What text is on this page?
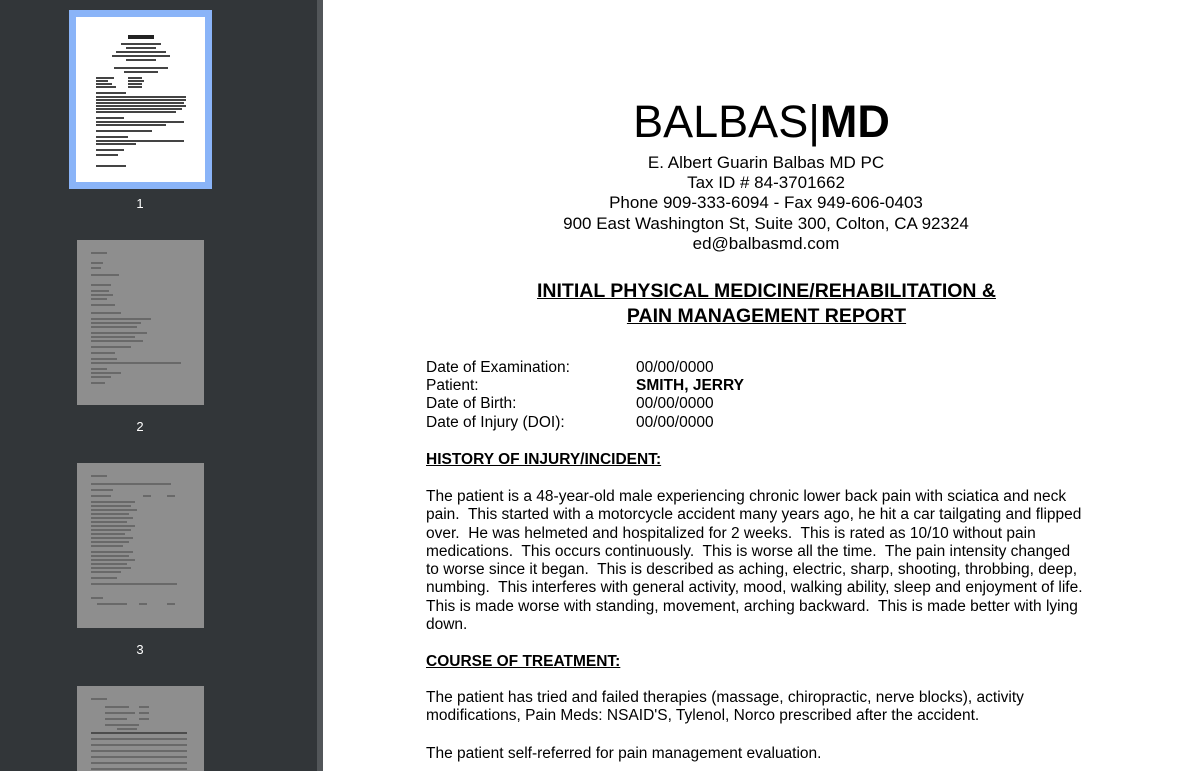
1
2
3
BALBAS|MD
E. Albert Guarin Balbas MD PC
Tax ID # 84-3701662
Phone 909-333-6094 - Fax 949-606-0403
900 East Washington St, Suite 300, Colton, CA 92324
ed@balbasmd.com
INITIAL PHYSICAL MEDICINE/REHABILITATION &
PAIN MANAGEMENT REPORT
Date of Examination:	00/00/0000
Patient:	SMITH, JERRY
Date of Birth:	00/00/0000
Date of Injury (DOI):	00/00/0000
HISTORY OF INJURY/INCIDENT:
The patient is a 48-year-old male experiencing chronic lower back pain with sciatica and neck
pain.  This started with a motorcycle accident many years ago, he hit a car tailgating and flipped
over.  He was helmeted and hospitalized for 2 weeks.  This is rated as 10/10 without pain
medications.  This occurs continuously.  This is worse all the time.  The pain intensity changed
to worse since it began.  This is described as aching, electric, sharp, shooting, throbbing, deep,
numbing.  This interferes with general activity, mood, walking ability, sleep and enjoyment of life.
This is made worse with standing, movement, arching backward.  This is made better with lying
down.
COURSE OF TREATMENT:
The patient has tried and failed therapies (massage, chiropractic, nerve blocks), activity
modifications, Pain Meds: NSAID'S, Tylenol, Norco prescribed after the accident.
The patient self-referred for pain management evaluation.
